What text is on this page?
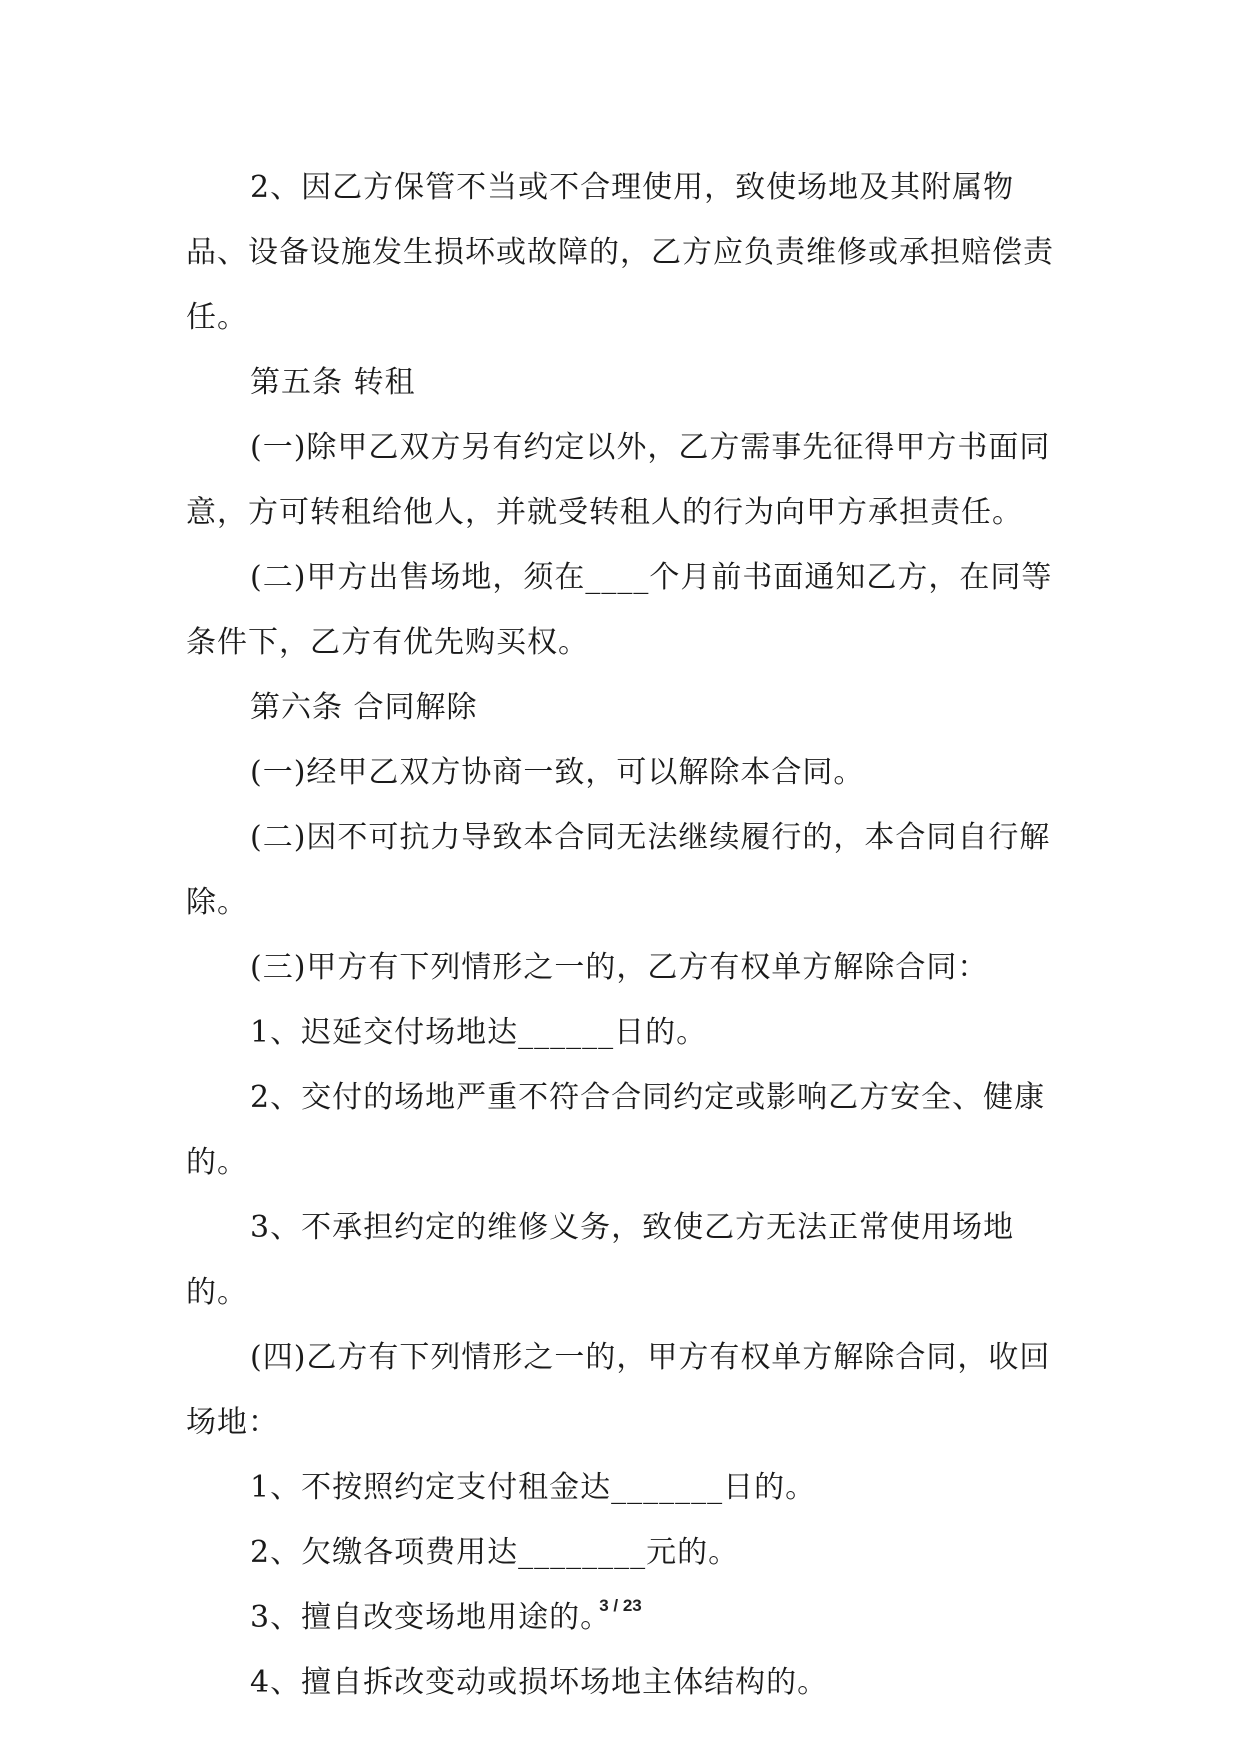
2、因乙方保管不当或不合理使用，致使场地及其附属物品、设备设施发生损坏或故障的，乙方应负责维修或承担赔偿责任。

第五条 转租

(一)除甲乙双方另有约定以外，乙方需事先征得甲方书面同意，方可转租给他人，并就受转租人的行为向甲方承担责任。

(二)甲方出售场地，须在____个月前书面通知乙方，在同等条件下，乙方有优先购买权。

第六条 合同解除

(一)经甲乙双方协商一致，可以解除本合同。

(二)因不可抗力导致本合同无法继续履行的，本合同自行解除。

(三)甲方有下列情形之一的，乙方有权单方解除合同：

1、迟延交付场地达______日的。

2、交付的场地严重不符合合同约定或影响乙方安全、健康的。

3、不承担约定的维修义务，致使乙方无法正常使用场地的。

(四)乙方有下列情形之一的，甲方有权单方解除合同，收回场地：

1、不按照约定支付租金达_______日的。

2、欠缴各项费用达________元的。

3、擅自改变场地用途的。

4、擅自拆改变动或损坏场地主体结构的。

3 / 23
